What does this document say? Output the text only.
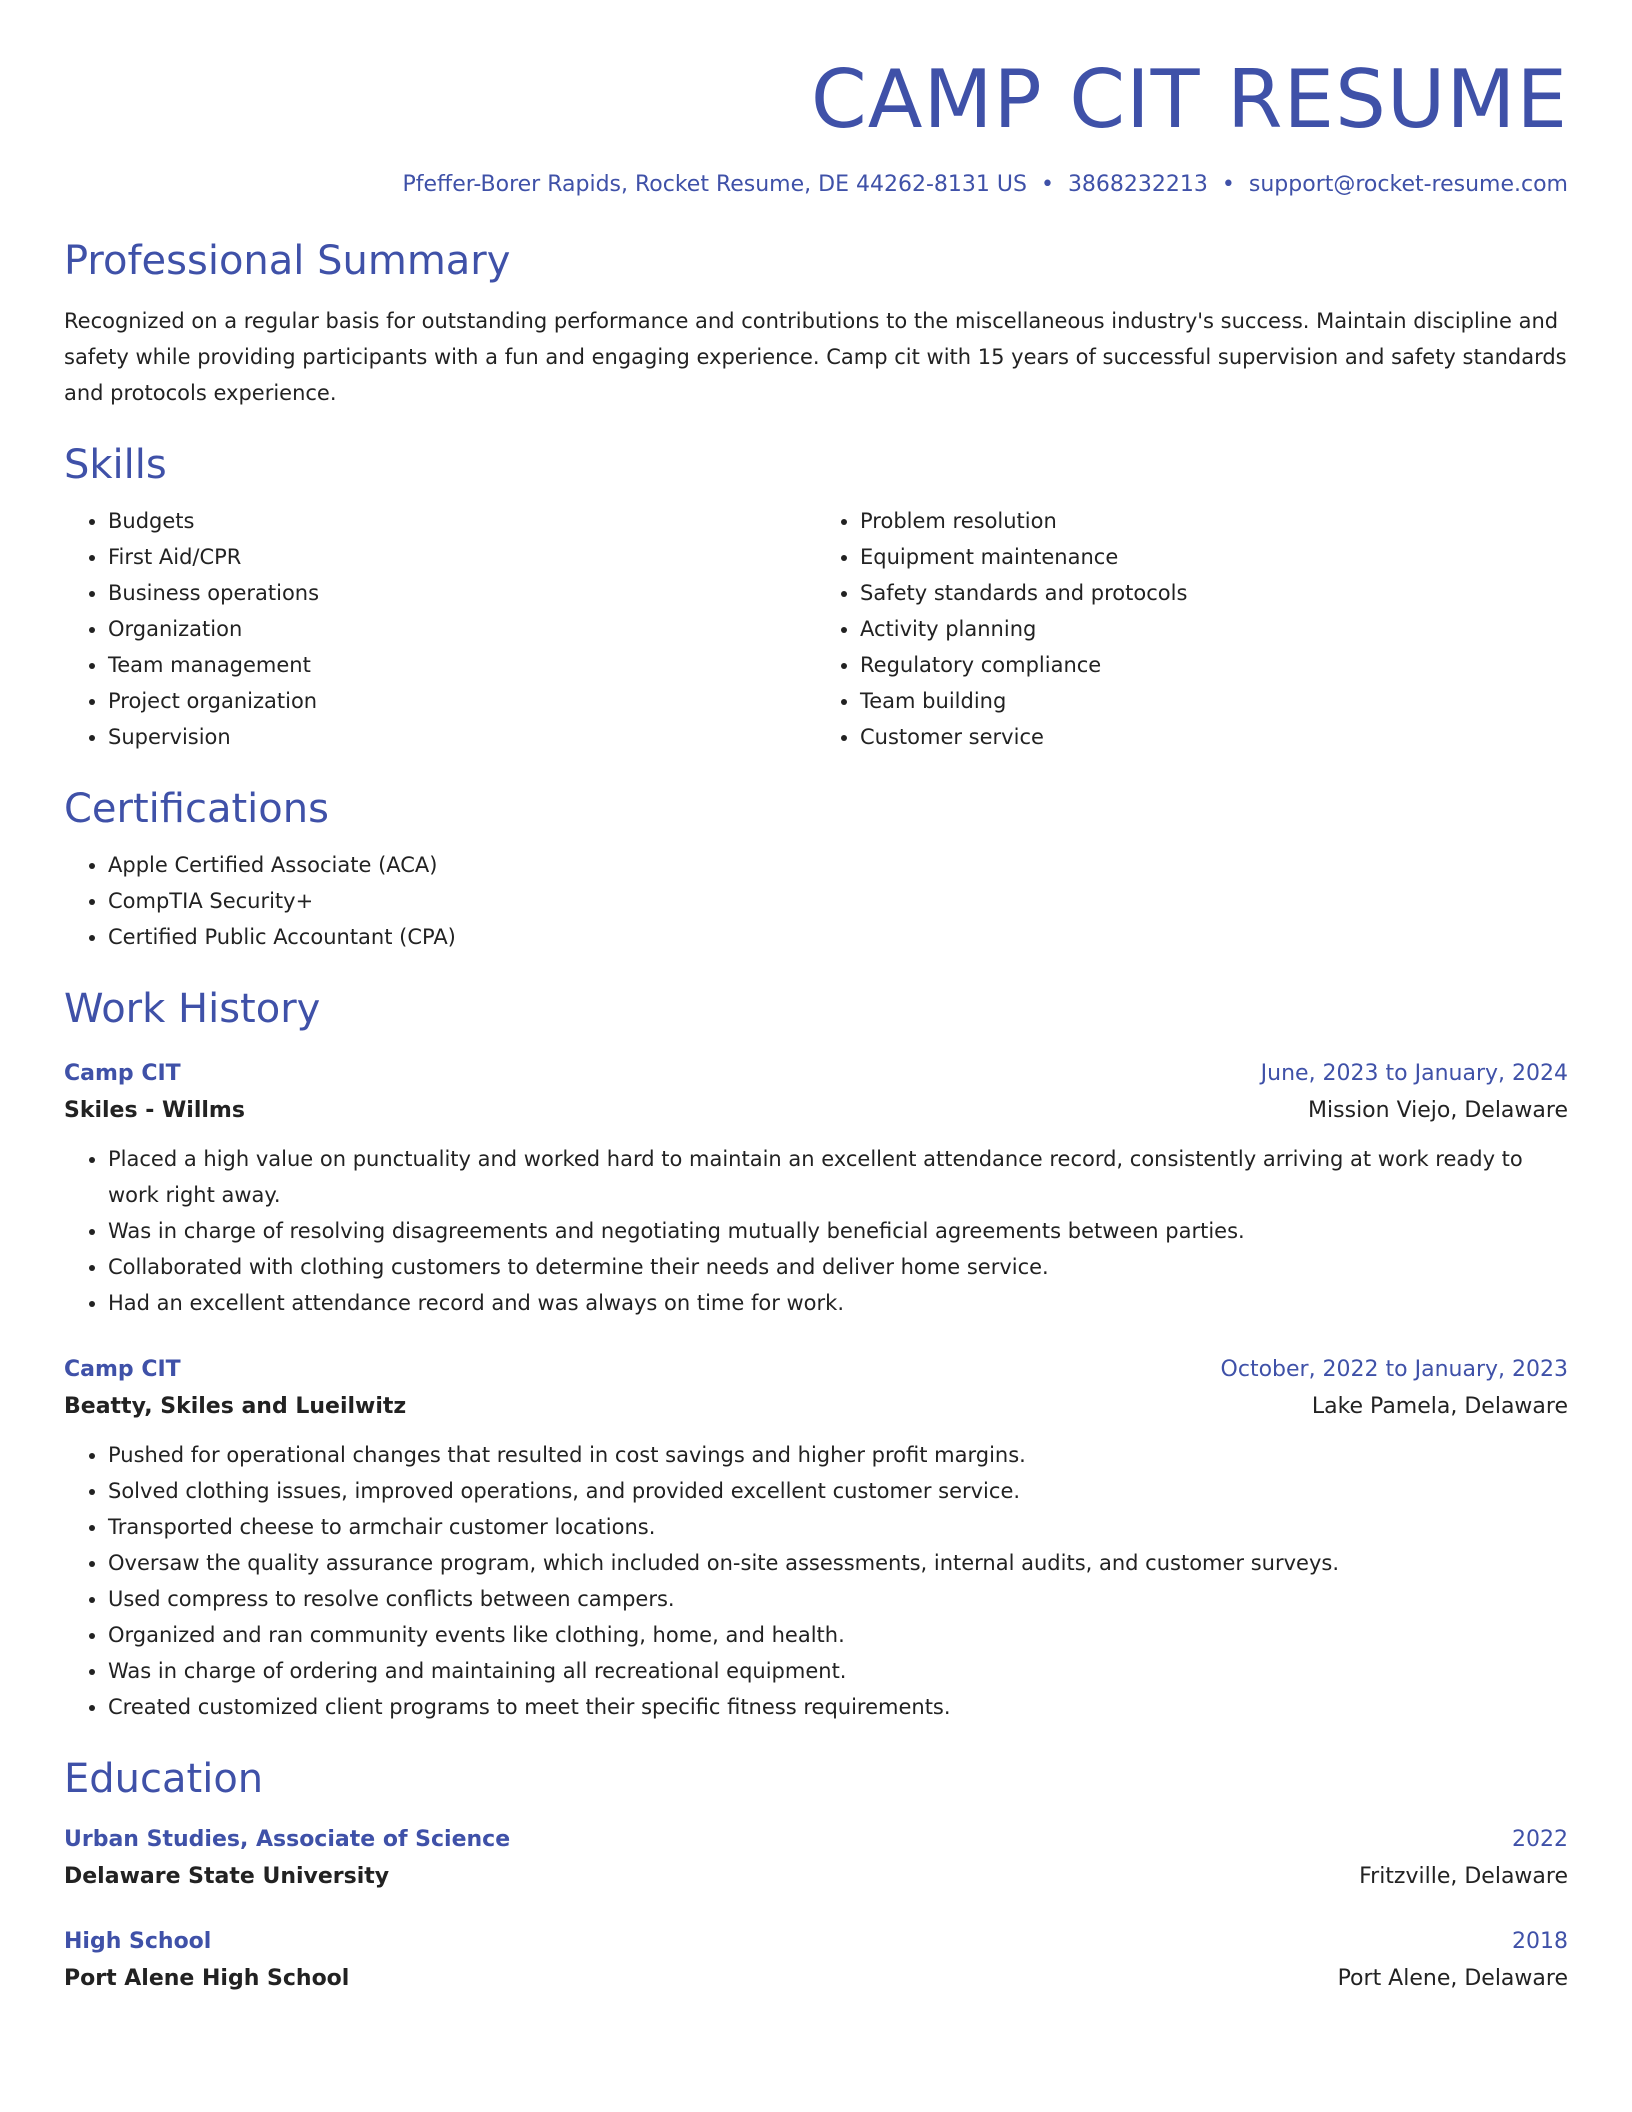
CAMP CIT RESUME
Pfeffer-Borer Rapids, Rocket Resume, DE 44262-8131 US • 3868232213 • support@rocket-resume.com
Professional Summary
Recognized on a regular basis for outstanding performance and contributions to the miscellaneous industry's success. Maintain discipline and safety while providing participants with a fun and engaging experience. Camp cit with 15 years of successful supervision and safety standards and protocols experience.
Skills
• Budgets
• First Aid/CPR
• Business operations
• Organization
• Team management
• Project organization
• Supervision
• Problem resolution
• Equipment maintenance
• Safety standards and protocols
• Activity planning
• Regulatory compliance
• Team building
• Customer service
Certifications
• Apple Certified Associate (ACA)
• CompTIA Security+
• Certified Public Accountant (CPA)
Work History
Camp CIT	June, 2023 to January, 2024
Skiles - Willms	Mission Viejo, Delaware
• Placed a high value on punctuality and worked hard to maintain an excellent attendance record, consistently arriving at work ready to work right away.
• Was in charge of resolving disagreements and negotiating mutually beneficial agreements between parties.
• Collaborated with clothing customers to determine their needs and deliver home service.
• Had an excellent attendance record and was always on time for work.
Camp CIT	October, 2022 to January, 2023
Beatty, Skiles and Lueilwitz	Lake Pamela, Delaware
• Pushed for operational changes that resulted in cost savings and higher profit margins.
• Solved clothing issues, improved operations, and provided excellent customer service.
• Transported cheese to armchair customer locations.
• Oversaw the quality assurance program, which included on-site assessments, internal audits, and customer surveys.
• Used compress to resolve conflicts between campers.
• Organized and ran community events like clothing, home, and health.
• Was in charge of ordering and maintaining all recreational equipment.
• Created customized client programs to meet their specific fitness requirements.
Education
Urban Studies, Associate of Science	2022
Delaware State University	Fritzville, Delaware
High School	2018
Port Alene High School	Port Alene, Delaware
